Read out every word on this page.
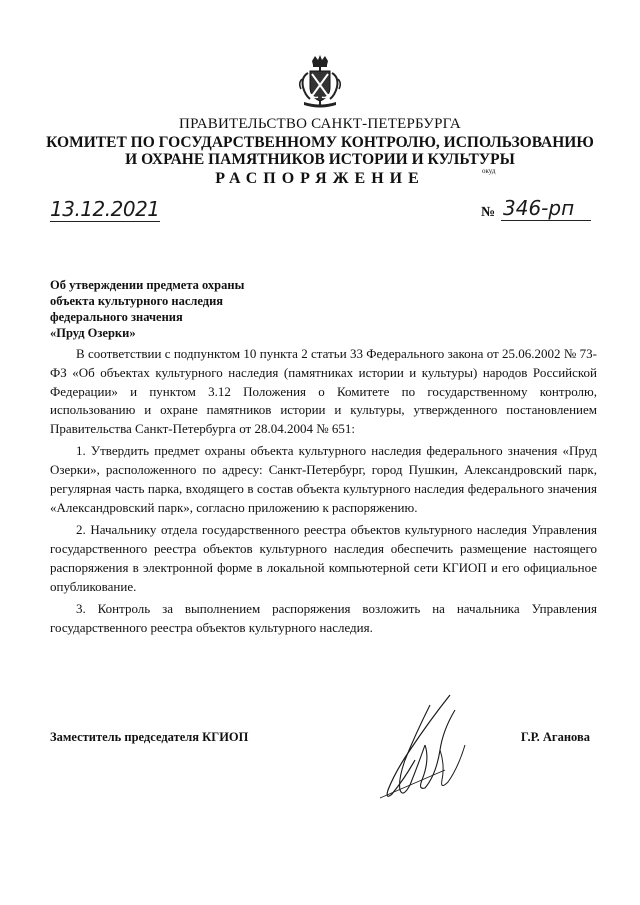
ПРАВИТЕЛЬСТВО САНКТ-ПЕТЕРБУРГА
КОМИТЕТ ПО ГОСУДАРСТВЕННОМУ КОНТРОЛЮ, ИСПОЛЬЗОВАНИЮ
И ОХРАНЕ ПАМЯТНИКОВ ИСТОРИИ И КУЛЬТУРЫ
РАСПОРЯЖЕНИЕ	окуд
13.12.2021	№ 346-рп
Об утверждении предмета охраны
объекта культурного наследия
федерального значения
«Пруд Озерки»

В соответствии с подпунктом 10 пункта 2 статьи 33 Федерального закона от 25.06.2002 № 73-ФЗ «Об объектах культурного наследия (памятниках истории и культуры) народов Российской Федерации» и пунктом 3.12 Положения о Комитете по государственному контролю, использованию и охране памятников истории и культуры, утвержденного постановлением Правительства Санкт-Петербурга от 28.04.2004 № 651:

1. Утвердить предмет охраны объекта культурного наследия федерального значения «Пруд Озерки», расположенного по адресу: Санкт-Петербург, город Пушкин, Александровский парк, регулярная часть парка, входящего в состав объекта культурного наследия федерального значения «Александровский парк», согласно приложению к распоряжению.

2. Начальнику отдела государственного реестра объектов культурного наследия Управления государственного реестра объектов культурного наследия обеспечить размещение настоящего распоряжения в электронной форме в локальной компьютерной сети КГИОП и его официальное опубликование.

3. Контроль за выполнением распоряжения возложить на начальника Управления государственного реестра объектов культурного наследия.

Заместитель председателя КГИОП	Г.Р. Аганова
